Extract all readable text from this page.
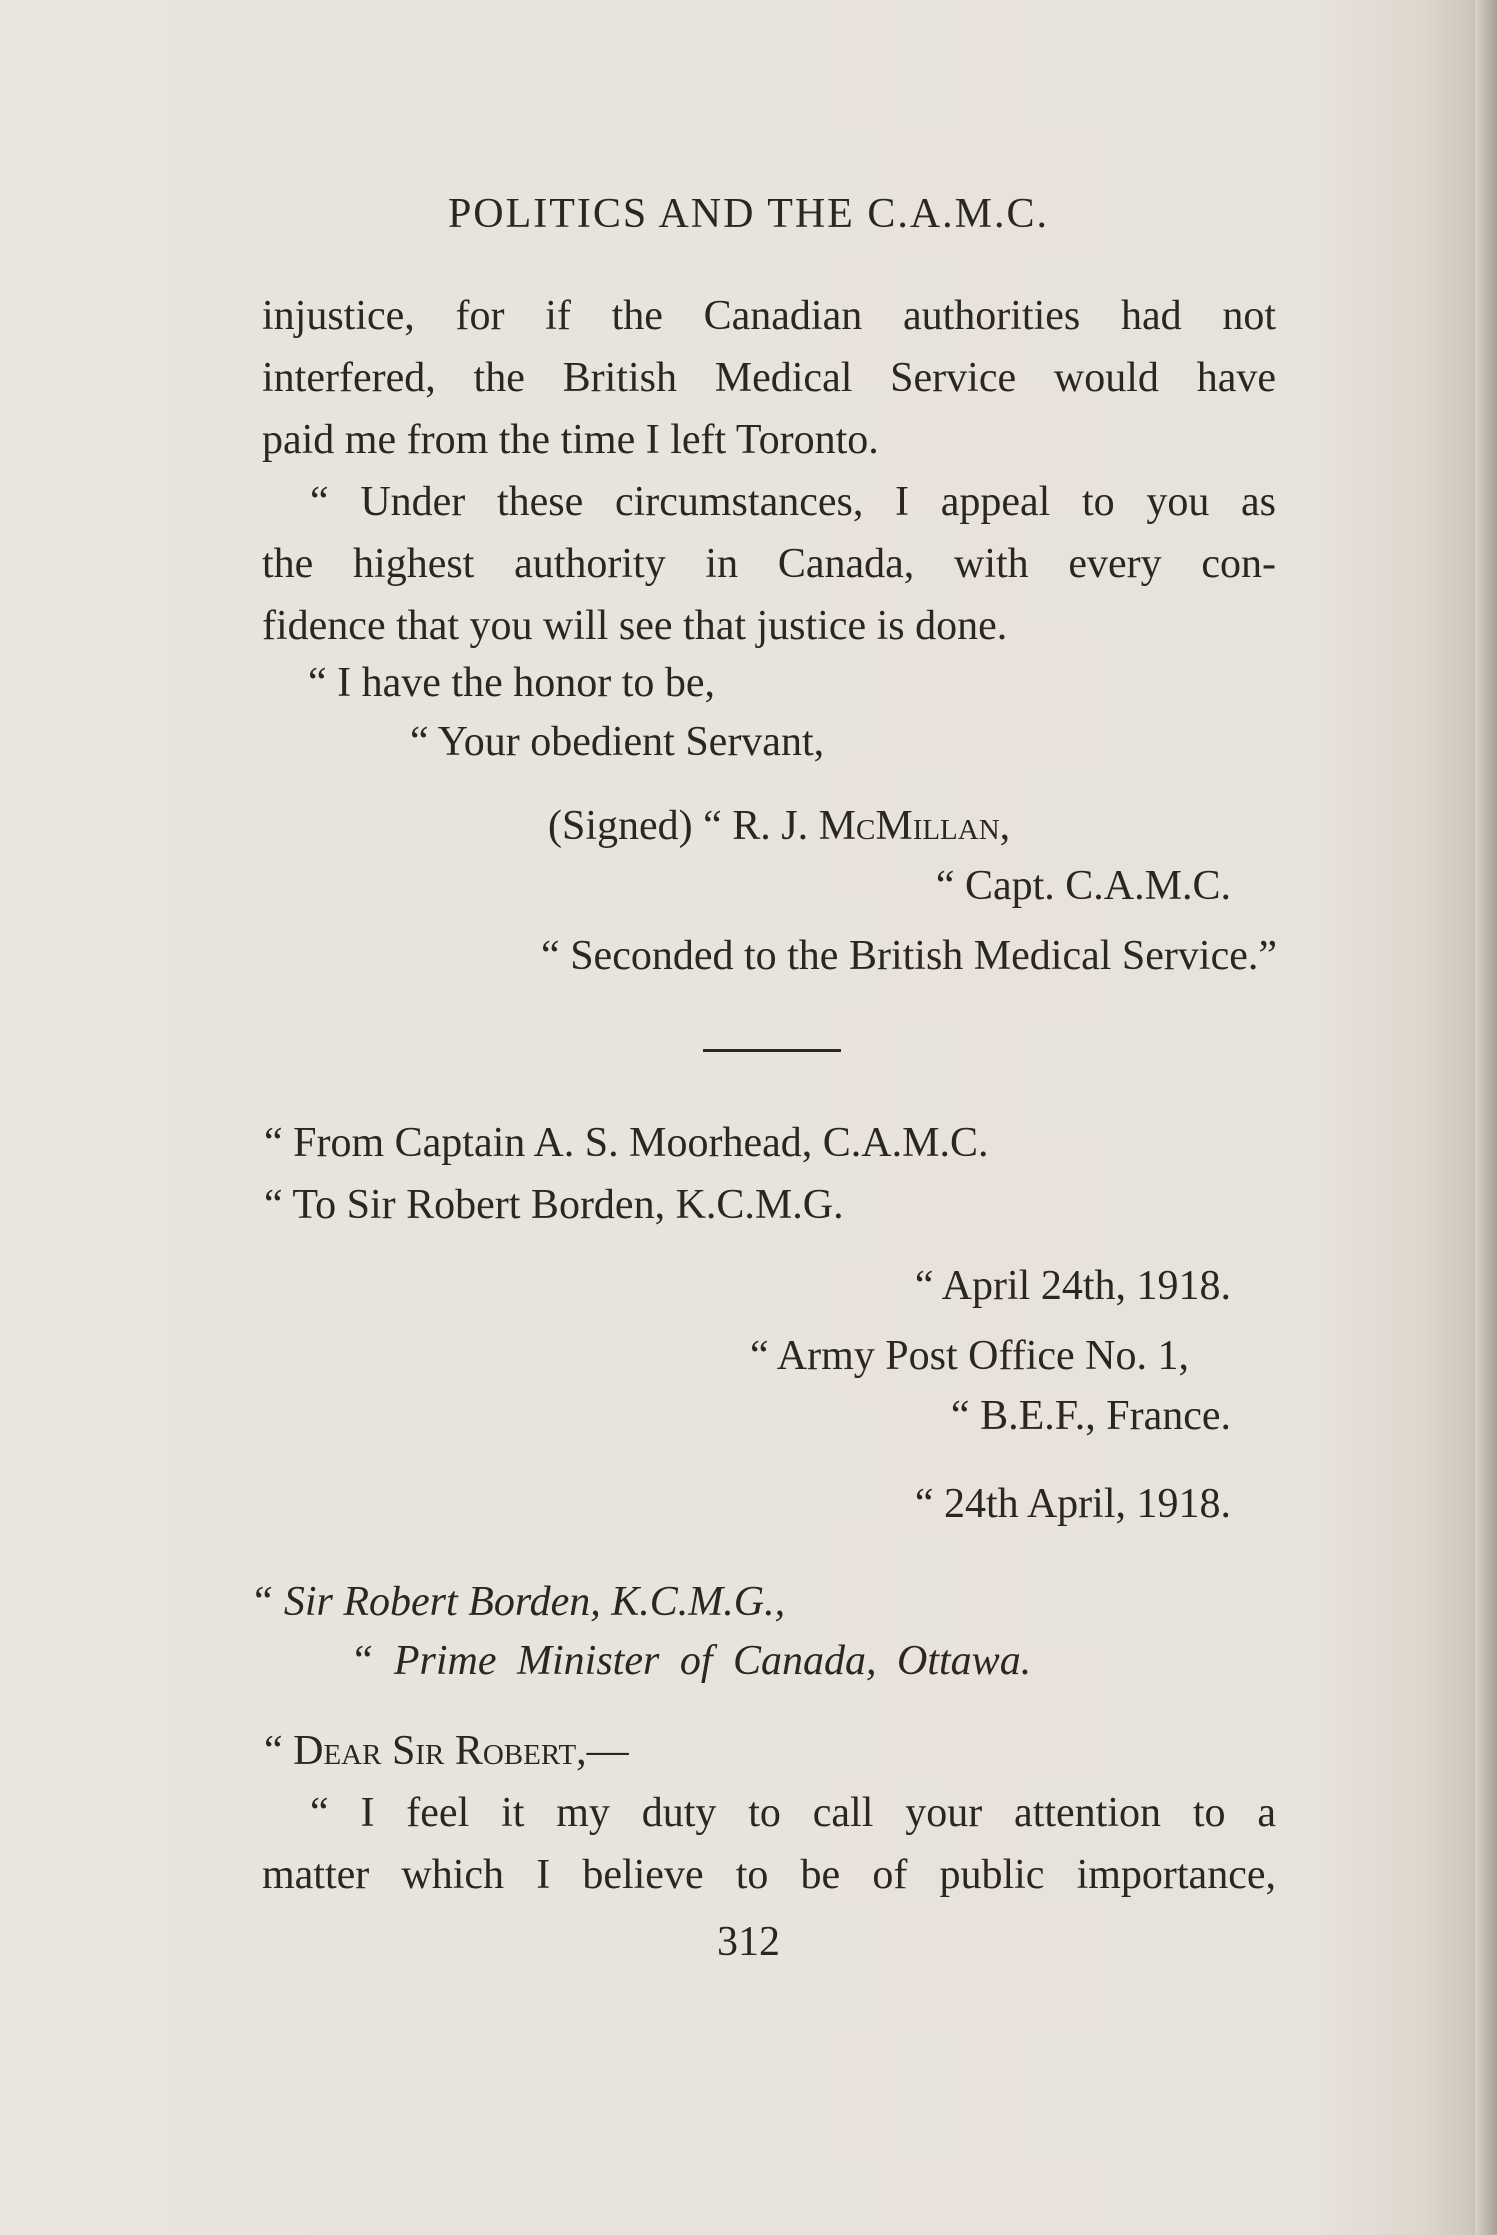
POLITICS AND THE C.A.M.C.
injustice, for if the Canadian authorities had not
interfered, the British Medical Service would have
paid me from the time I left Toronto.
“ Under these circumstances, I appeal to you as
the highest authority in Canada, with every con-
fidence that you will see that justice is done.
“ I have the honor to be,
“ Your obedient Servant,
(Signed) “ R. J. McMillan,
“ Capt. C.A.M.C.
“ Seconded to the British Medical Service.”
“ From Captain A. S. Moorhead, C.A.M.C.
“ To Sir Robert Borden, K.C.M.G.
“ April 24th, 1918.
“ Army Post Office No. 1,
“ B.E.F., France.
“ 24th April, 1918.
“ Sir Robert Borden, K.C.M.G.,
“ Prime Minister of Canada, Ottawa.
“ Dear Sir Robert,—
“ I feel it my duty to call your attention to a
matter which I believe to be of public importance,
312
